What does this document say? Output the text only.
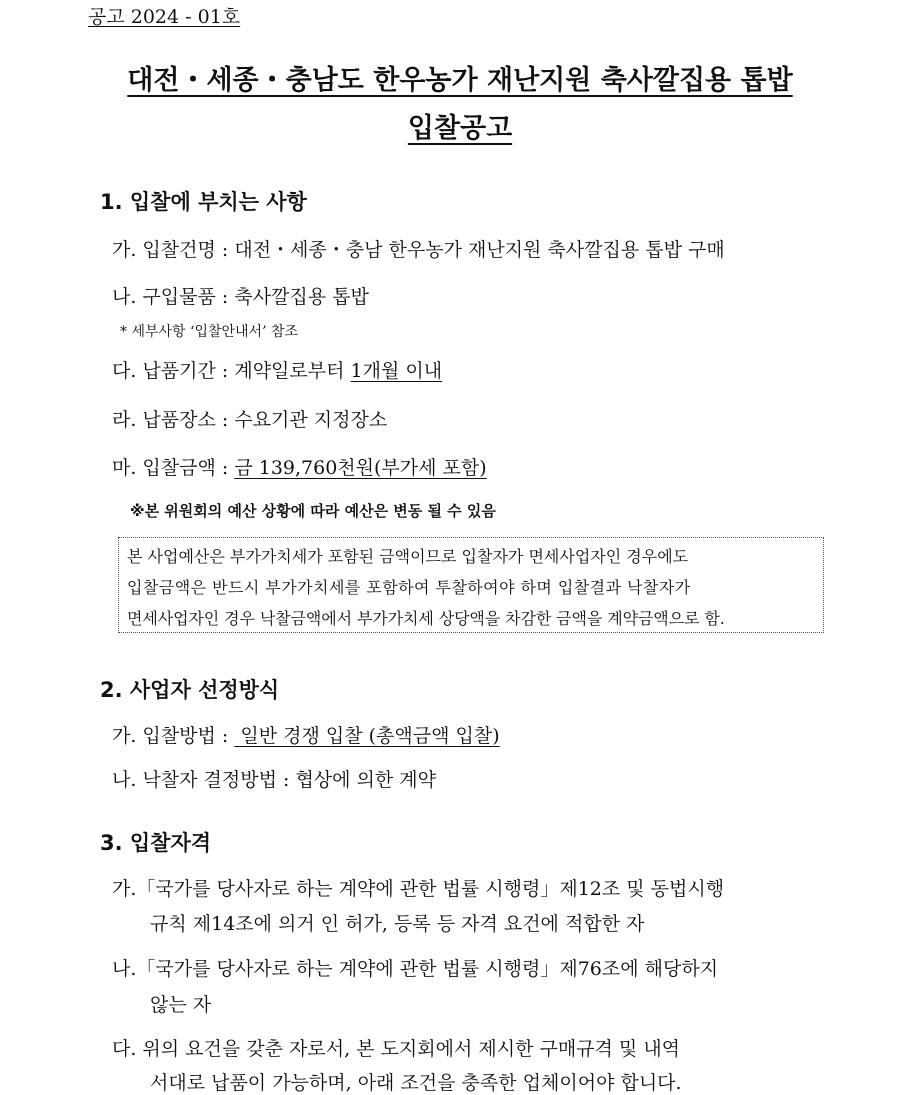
공고 2024 - 01호
대전・세종・충남도 한우농가 재난지원 축사깔집용 톱밥
입찰공고
1. 입찰에 부치는 사항
가. 입찰건명 : 대전・세종・충남 한우농가 재난지원 축사깔집용 톱밥 구매
나. 구입물품 : 축사깔집용 톱밥
* 세부사항 ‘입찰안내서’ 참조
다. 납품기간 : 계약일로부터 1개월 이내
라. 납품장소 : 수요기관 지정장소
마. 입찰금액 : 금 139,760천원(부가세 포함)
※본 위원회의 예산 상황에 따라 예산은 변동 될 수 있음
본 사업예산은 부가가치세가 포함된 금액이므로 입찰자가 면세사업자인 경우에도
입찰금액은 반드시 부가가치세를 포함하여 투찰하여야 하며 입찰결과 낙찰자가
면세사업자인 경우 낙찰금액에서 부가가치세 상당액을 차감한 금액을 계약금액으로 함.
2. 사업자 선정방식
가. 입찰방법 :  일반 경쟁 입찰 (총액금액 입찰)
나. 낙찰자 결정방법 : 협상에 의한 계약
3. 입찰자격
가.「국가를 당사자로 하는 계약에 관한 법률 시행령」제12조 및 동법시행
규칙 제14조에 의거 인 허가, 등록 등 자격 요건에 적합한 자
나.「국가를 당사자로 하는 계약에 관한 법률 시행령」제76조에 해당하지
않는 자
다. 위의 요건을 갖춘 자로서, 본 도지회에서 제시한 구매규격 및 내역
서대로 납품이 가능하며, 아래 조건을 충족한 업체이어야 합니다.
